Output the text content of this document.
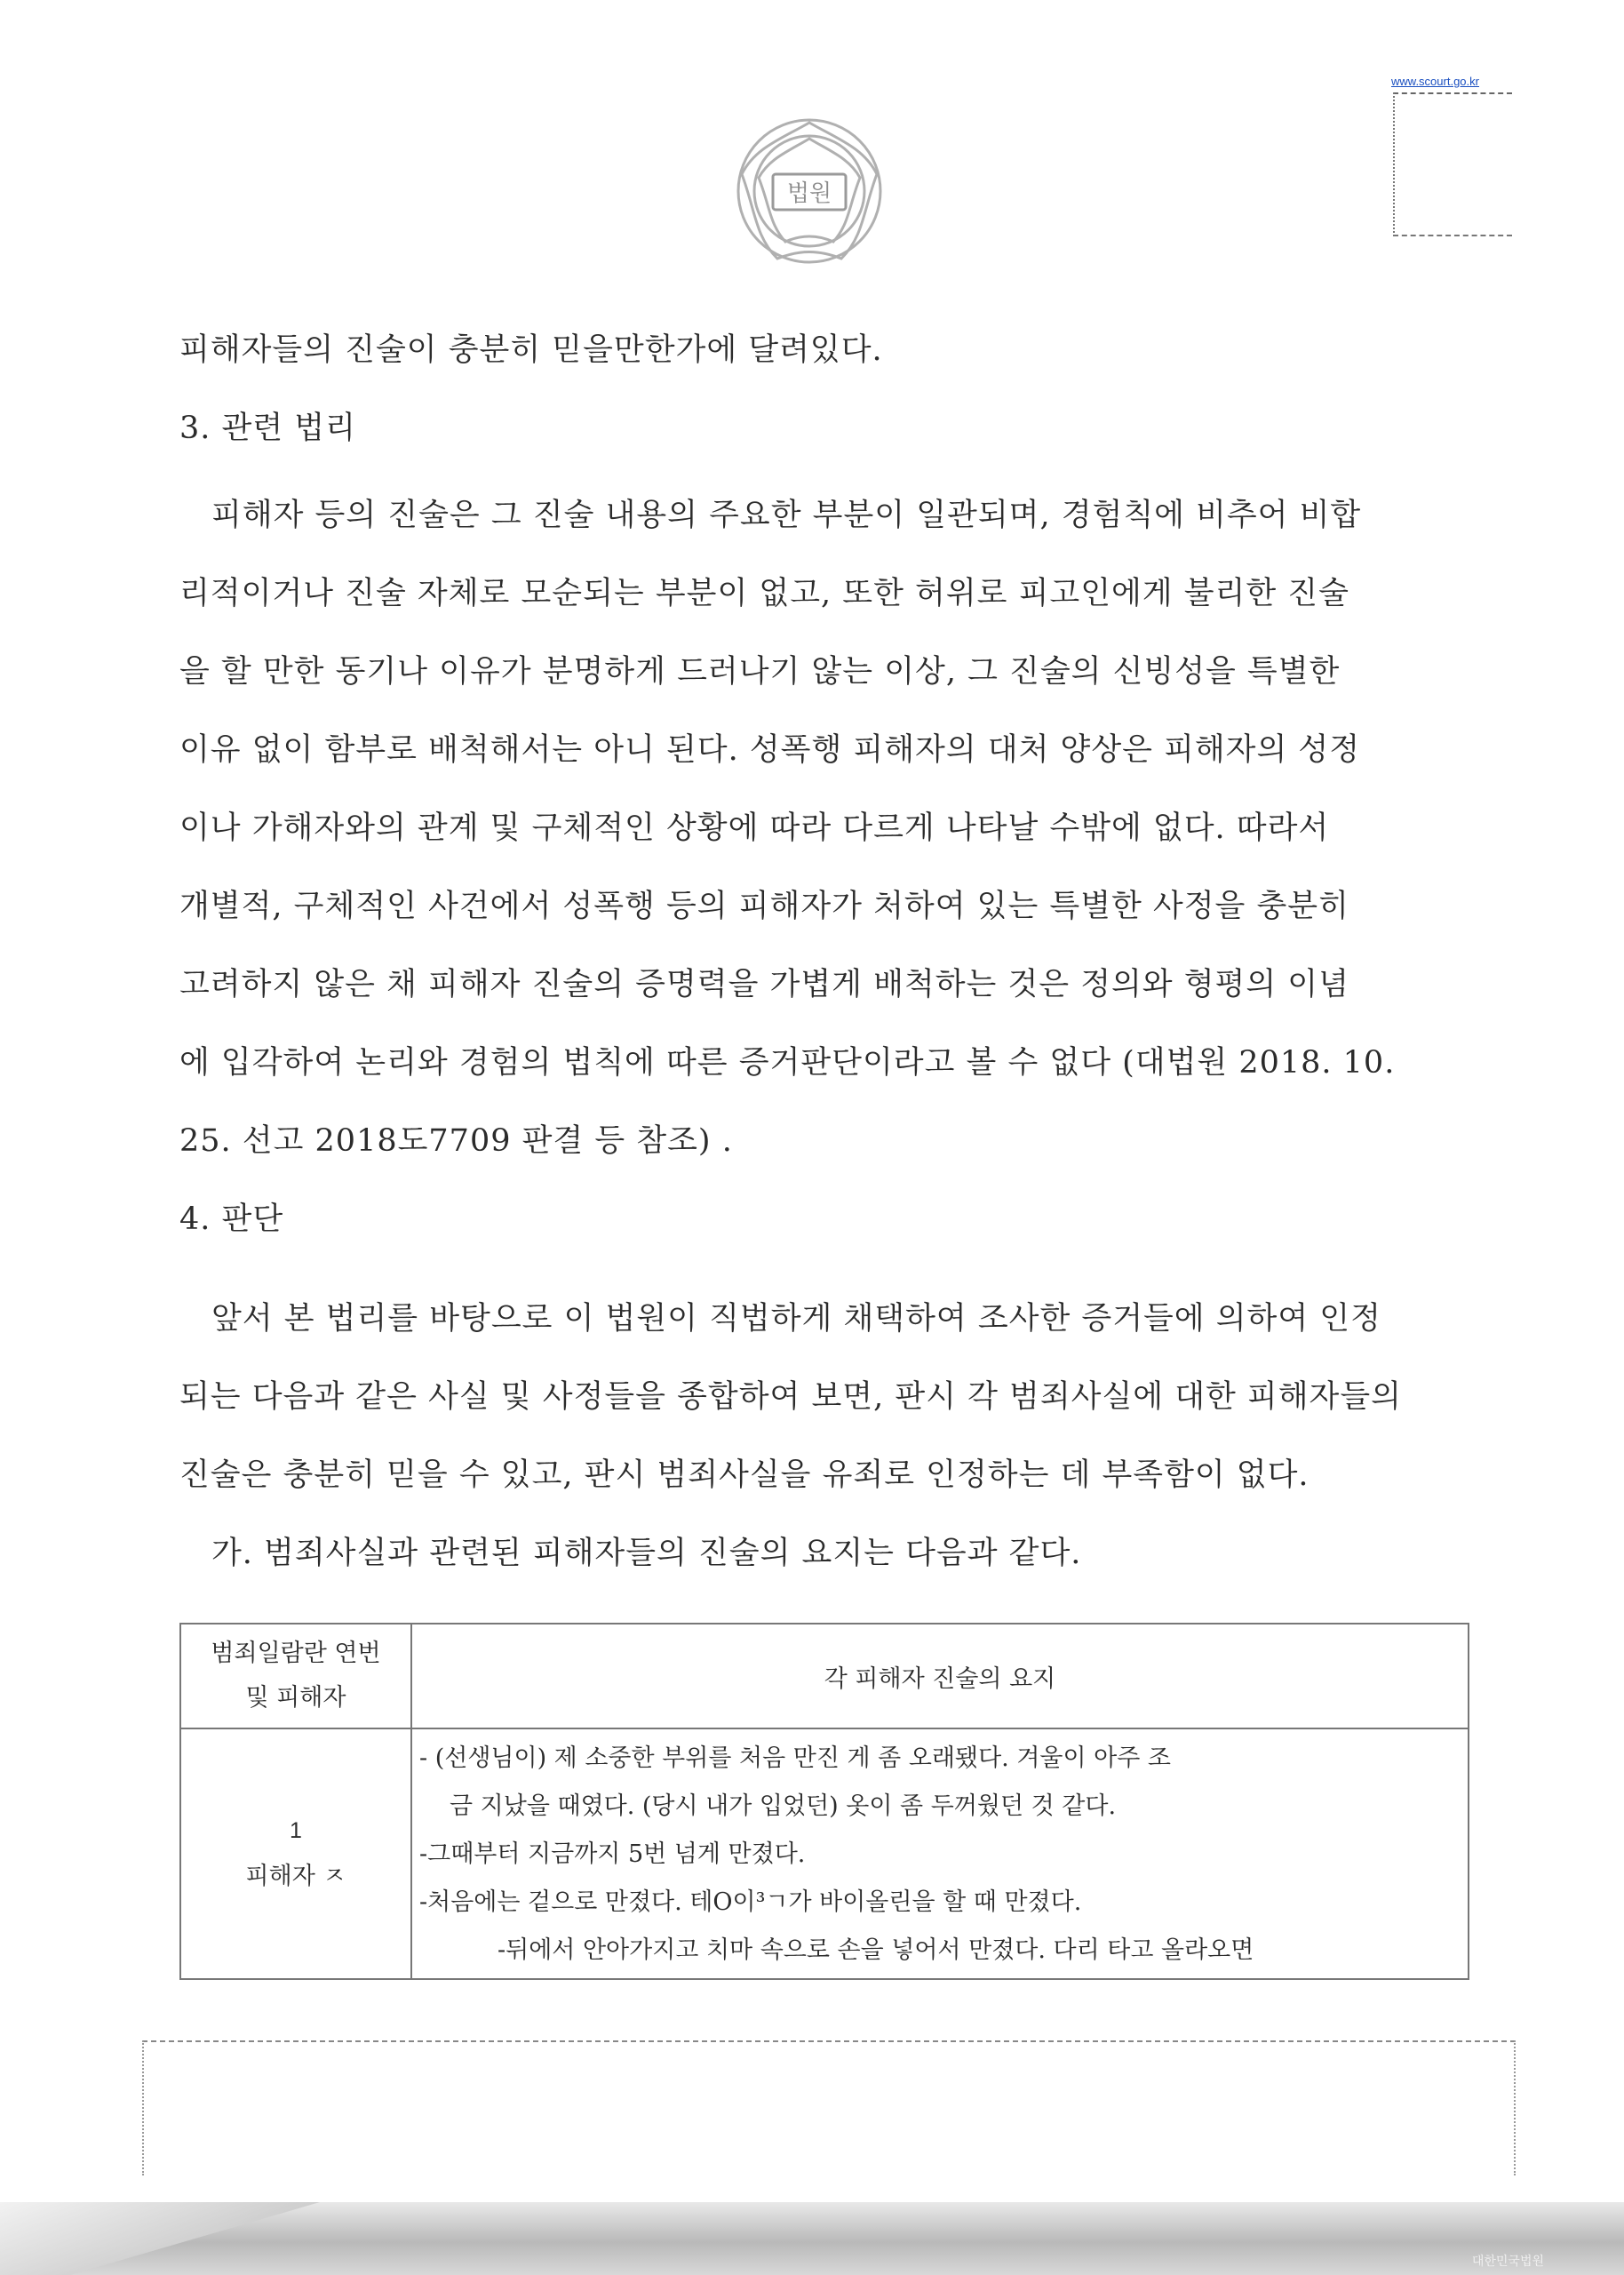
www.scourt.go.kr
법원
피해자들의 진술이 충분히 믿을만한가에 달려있다.
3. 관련 법리
피해자 등의 진술은 그 진술 내용의 주요한 부분이 일관되며, 경험칙에 비추어 비합
리적이거나 진술 자체로 모순되는 부분이 없고, 또한 허위로 피고인에게 불리한 진술
을 할 만한 동기나 이유가 분명하게 드러나기 않는 이상, 그 진술의 신빙성을 특별한
이유 없이 함부로 배척해서는 아니 된다. 성폭행 피해자의 대처 양상은 피해자의 성정
이나 가해자와의 관계 및 구체적인 상황에 따라 다르게 나타날 수밖에 없다. 따라서
개별적, 구체적인 사건에서 성폭행 등의 피해자가 처하여 있는 특별한 사정을 충분히
고려하지 않은 채 피해자 진술의 증명력을 가볍게 배척하는 것은 정의와 형평의 이념
에 입각하여 논리와 경험의 법칙에 따른 증거판단이라고 볼 수 없다 (대법원 2018. 10.
25. 선고 2018도7709 판결 등 참조) .
4. 판단
앞서 본 법리를 바탕으로 이 법원이 직법하게 채택하여 조사한 증거들에 의하여 인정
되는 다음과 같은 사실 및 사정들을 종합하여 보면, 판시 각 범죄사실에 대한 피해자들의
진술은 충분히 믿을 수 있고, 판시 범죄사실을 유죄로 인정하는 데 부족함이 없다.
가. 범죄사실과 관련된 피해자들의 진술의 요지는 다음과 같다.
범죄일람란 연번
및 피해자
각 피해자 진술의 요지
1
피해자 ㅈ
- (선생님이) 제 소중한 부위를 처음 만진 게 좀 오래됐다. 겨울이 아주 조
금 지났을 때였다. (당시 내가 입었던) 옷이 좀 두꺼웠던 것 같다.
-그때부터 지금까지 5번 넘게 만졌다.
-처음에는 겉으로 만졌다. 테O이³ㄱ가 바이올린을 할 때 만졌다.
-뒤에서 안아가지고 치마 속으로 손을 넣어서 만졌다. 다리 타고 올라오면
대한민국법원
